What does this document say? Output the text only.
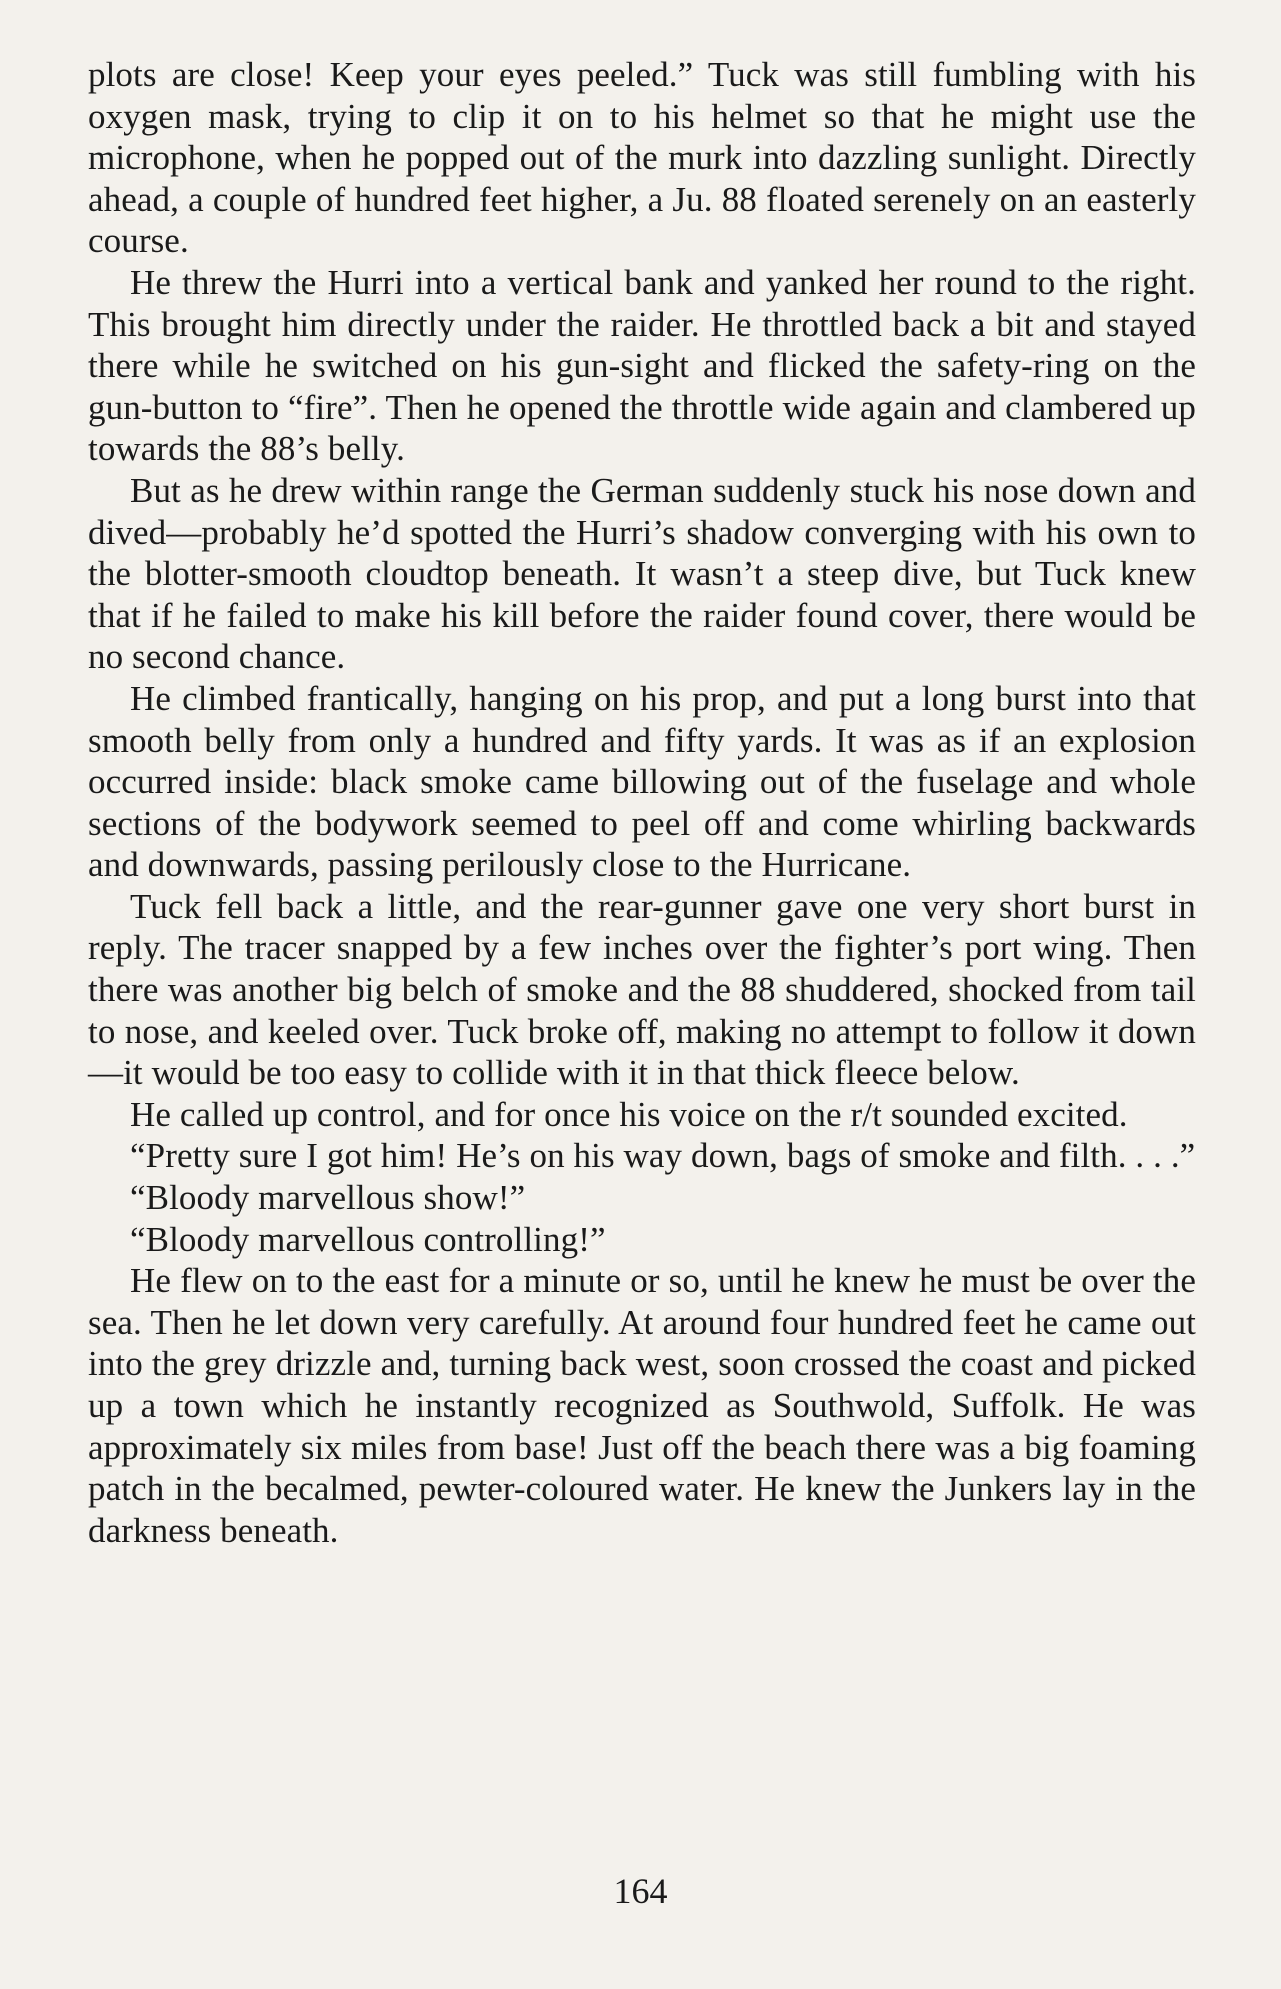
plots are close! Keep your eyes peeled.” Tuck was still fumbling with his oxygen mask, trying to clip it on to his helmet so that he might use the microphone, when he popped out of the murk into dazzling sunlight. Directly ahead, a couple of hundred feet higher, a Ju. 88 floated serenely on an easterly course.

He threw the Hurri into a vertical bank and yanked her round to the right. This brought him directly under the raider. He throttled back a bit and stayed there while he switched on his gun-sight and flicked the safety-ring on the gun-button to “fire”. Then he opened the throttle wide again and clambered up towards the 88’s belly.

But as he drew within range the German suddenly stuck his nose down and dived—probably he’d spotted the Hurri’s shadow converging with his own to the blotter-smooth cloudtop beneath. It wasn’t a steep dive, but Tuck knew that if he failed to make his kill before the raider found cover, there would be no second chance.

He climbed frantically, hanging on his prop, and put a long burst into that smooth belly from only a hundred and fifty yards. It was as if an explosion occurred inside: black smoke came billowing out of the fuselage and whole sections of the bodywork seemed to peel off and come whirling backwards and downwards, passing perilously close to the Hurricane.

Tuck fell back a little, and the rear-gunner gave one very short burst in reply. The tracer snapped by a few inches over the fighter’s port wing. Then there was another big belch of smoke and the 88 shuddered, shocked from tail to nose, and keeled over. Tuck broke off, making no attempt to follow it down—it would be too easy to collide with it in that thick fleece below.

He called up control, and for once his voice on the r/t sounded excited.

“Pretty sure I got him! He’s on his way down, bags of smoke and filth. . . .”

“Bloody marvellous show!”

“Bloody marvellous controlling!”

He flew on to the east for a minute or so, until he knew he must be over the sea. Then he let down very carefully. At around four hundred feet he came out into the grey drizzle and, turning back west, soon crossed the coast and picked up a town which he instantly recognized as Southwold, Suffolk. He was approximately six miles from base! Just off the beach there was a big foaming patch in the becalmed, pewter-coloured water. He knew the Junkers lay in the darkness beneath.

164
